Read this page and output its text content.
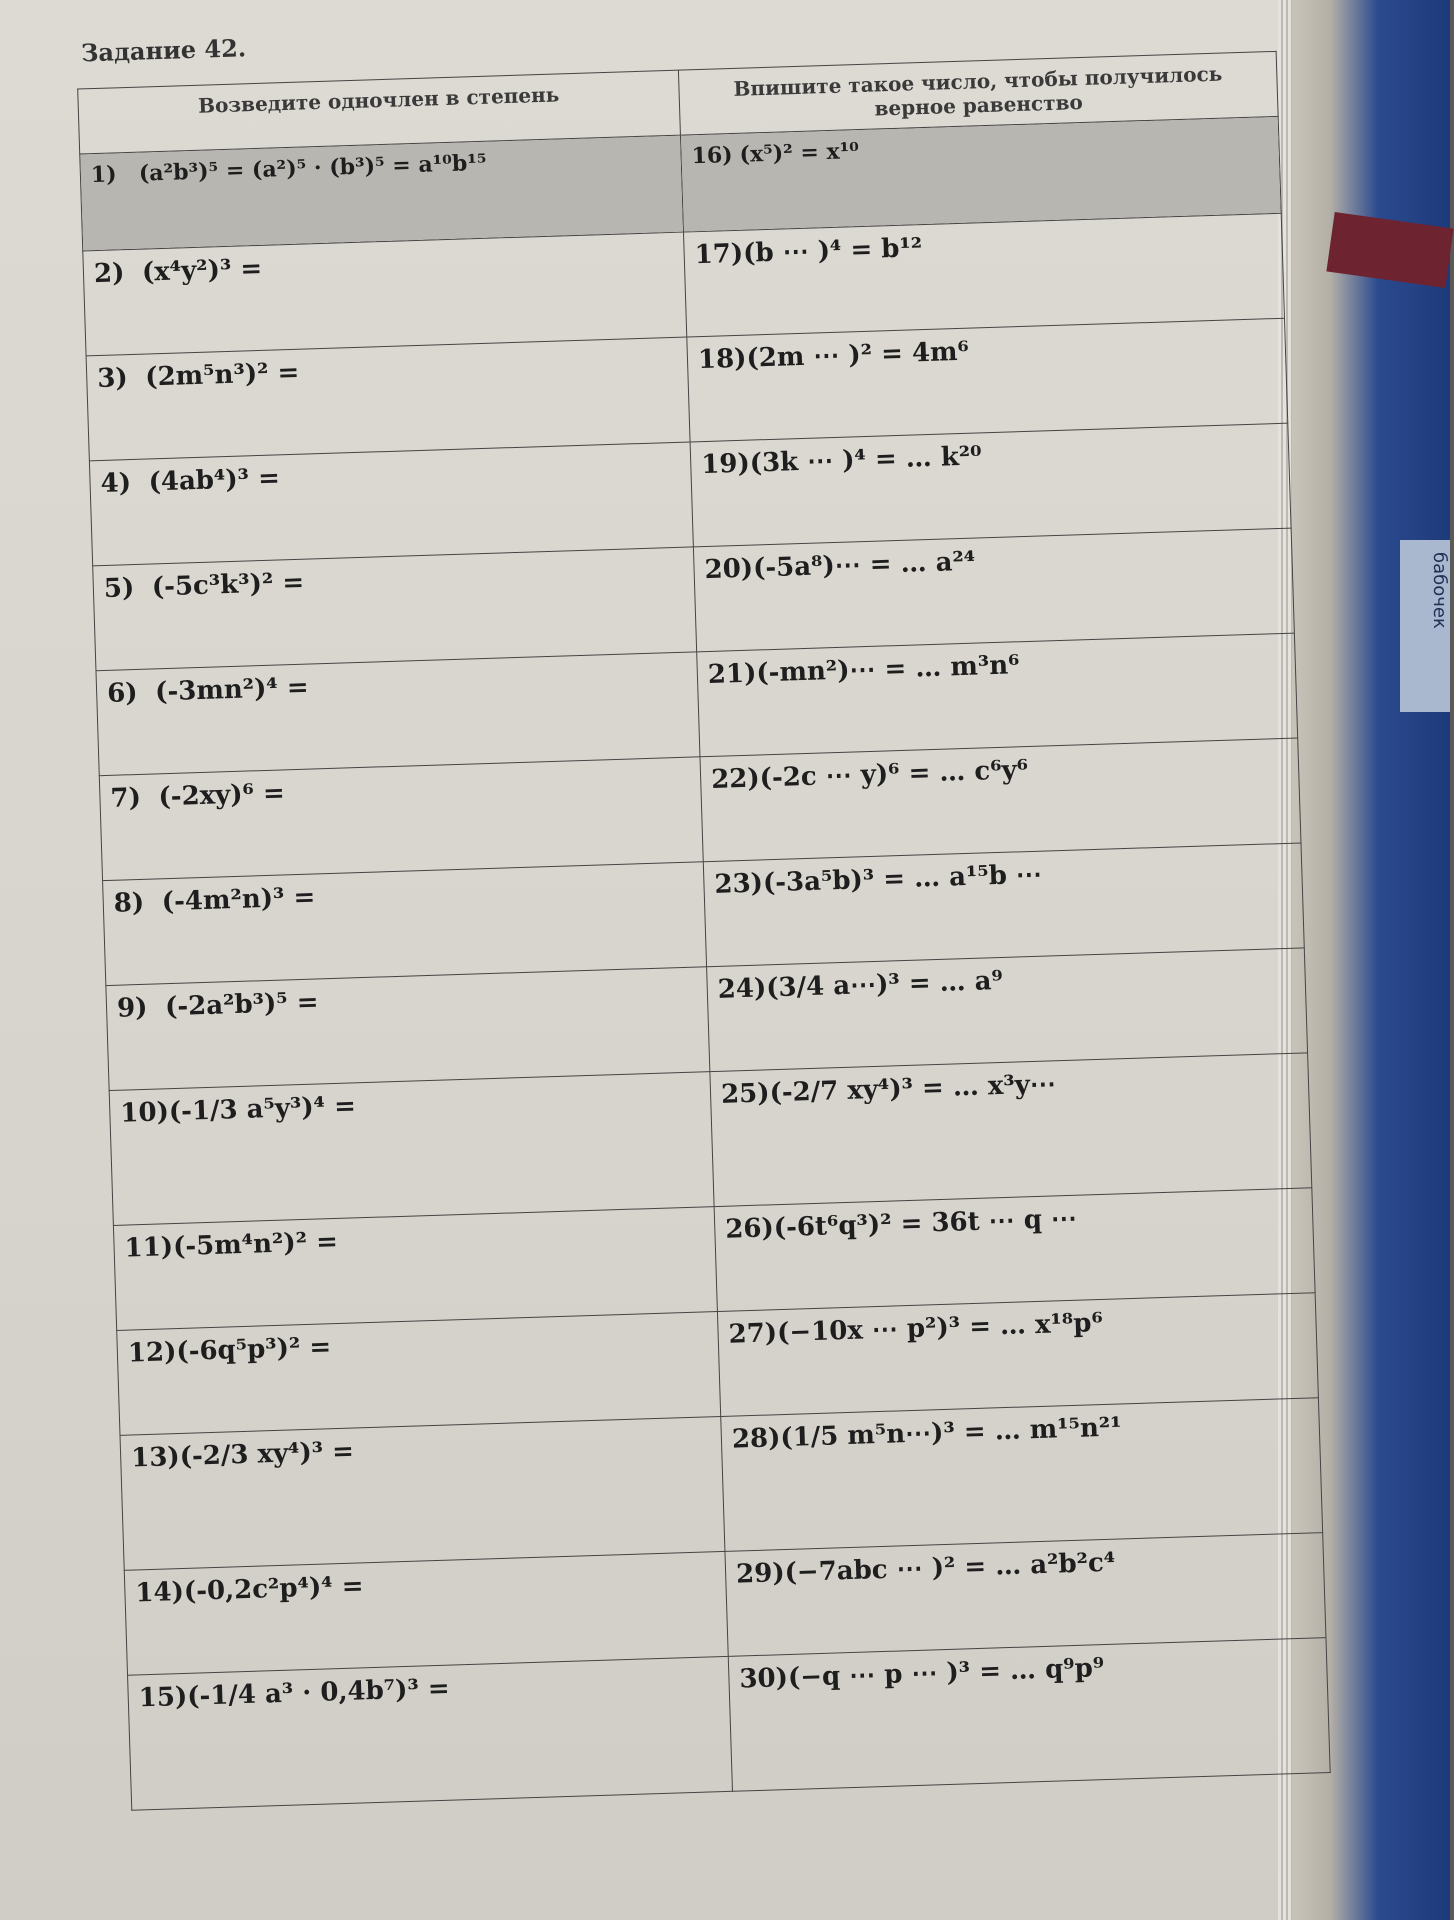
бабочек
Задание 42.
Возведите одночлен в степень	Впишите такое число, чтобы получилось верное равенство
1) (a²b³)⁵ = (a²)⁵ · (b³)⁵ = a¹⁰b¹⁵	16) (x⁵)² = x¹⁰
2) (x⁴y²)³ =	17)(b ⋯ )⁴ = b¹²
3) (2m⁵n³)² =	18)(2m ⋯ )² = 4m⁶
4) (4ab⁴)³ =	19)(3k ⋯ )⁴ = … k²⁰
5) (-5c³k³)² =	20)(-5a⁸)⋯ = … a²⁴
6) (-3mn²)⁴ =	21)(-mn²)⋯ = … m³n⁶
7) (-2xy)⁶ =	22)(-2c ⋯ y)⁶ = … c⁶y⁶
8) (-4m²n)³ =	23)(-3a⁵b)³ = … a¹⁵b ⋯
9) (-2a²b³)⁵ =	24)(3/4 a⋯)³ = … a⁹
10)(-1/3 a⁵y³)⁴ =	25)(-2/7 xy⁴)³ = … x³y⋯
11)(-5m⁴n²)² =	26)(-6t⁶q³)² = 36t ⋯ q ⋯
12)(-6q⁵p³)² =	27)(−10x ⋯ p²)³ = … x¹⁸p⁶
13)(-2/3 xy⁴)³ =	28)(1/5 m⁵n⋯)³ = … m¹⁵n²¹
14)(-0,2c²p⁴)⁴ =	29)(−7abc ⋯ )² = … a²b²c⁴
15)(-1/4 a³ · 0,4b⁷)³ =	30)(−q ⋯ p ⋯ )³ = … q⁹p⁹
